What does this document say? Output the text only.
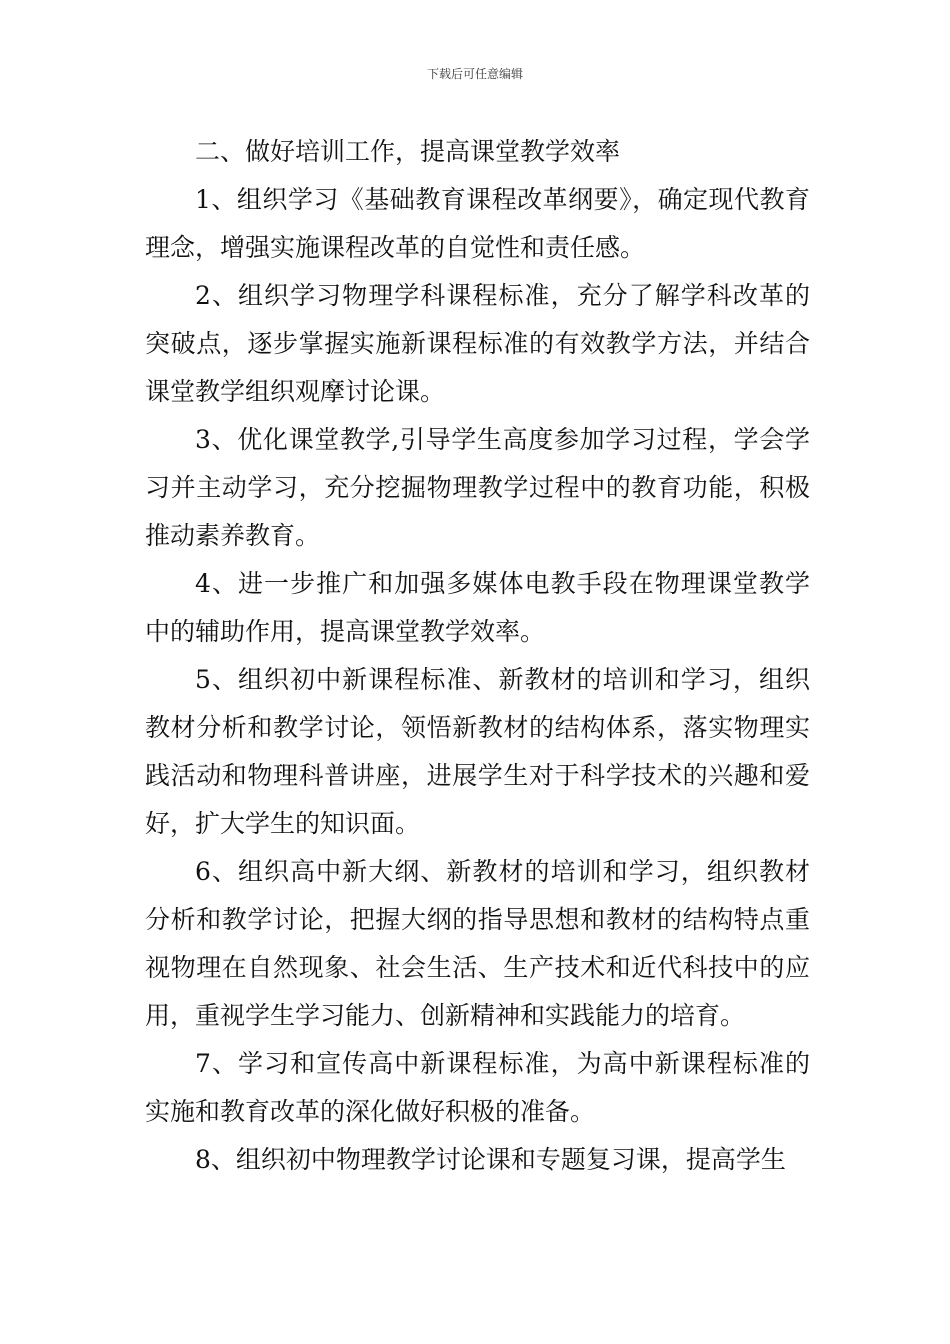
下载后可任意编辑

二、做好培训工作，提高课堂教学效率

1、组织学习《基础教育课程改革纲要》，确定现代教育理念，增强实施课程改革的自觉性和责任感。

2、组织学习物理学科课程标准，充分了解学科改革的突破点，逐步掌握实施新课程标准的有效教学方法，并结合课堂教学组织观摩讨论课。

3、优化课堂教学,引导学生高度参加学习过程，学会学习并主动学习，充分挖掘物理教学过程中的教育功能，积极推动素养教育。

4、进一步推广和加强多媒体电教手段在物理课堂教学中的辅助作用，提高课堂教学效率。

5、组织初中新课程标准、新教材的培训和学习，组织教材分析和教学讨论，领悟新教材的结构体系，落实物理实践活动和物理科普讲座，进展学生对于科学技术的兴趣和爱好，扩大学生的知识面。

6、组织高中新大纲、新教材的培训和学习，组织教材分析和教学讨论，把握大纲的指导思想和教材的结构特点重视物理在自然现象、社会生活、生产技术和近代科技中的应用，重视学生学习能力、创新精神和实践能力的培育。

7、学习和宣传高中新课程标准，为高中新课程标准的实施和教育改革的深化做好积极的准备。

8、组织初中物理教学讨论课和专题复习课，提高学生
